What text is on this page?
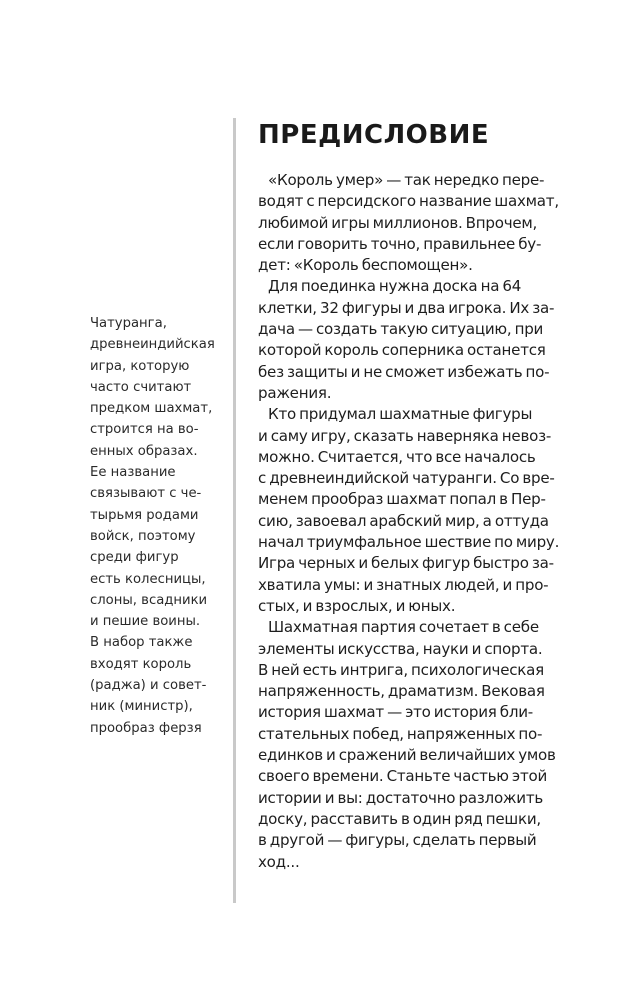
Чатуранга,
древнеиндийская
игра, которую
часто считают
предком шахмат,
строится на во-
енных образах.
Ее название
связывают с че-
тырьмя родами
войск, поэтому
среди фигур
есть колесницы,
слоны, всадники
и пешие воины.
В набор также
входят король
(раджа) и совет-
ник (министр),
прообраз ферзя
ПРЕДИСЛОВИЕ
«Король умер» — так нередко пере-
водят с персидского название шахмат,
любимой игры миллионов. Впрочем,
если говорить точно, правильнее бу-
дет: «Король беспомощен».
Для поединка нужна доска на 64
клетки, 32 фигуры и два игрока. Их за-
дача — создать такую ситуацию, при
которой король соперника останется
без защиты и не сможет избежать по-
ражения.
Кто придумал шахматные фигуры
и саму игру, сказать наверняка невоз-
можно. Считается, что все началось
с древнеиндийской чатуранги. Со вре-
менем прообраз шахмат попал в Пер-
сию, завоевал арабский мир, а оттуда
начал триумфальное шествие по миру.
Игра черных и белых фигур быстро за-
хватила умы: и знатных людей, и про-
стых, и взрослых, и юных.
Шахматная партия сочетает в себе
элементы искусства, науки и спорта.
В ней есть интрига, психологическая
напряженность, драматизм. Вековая
история шахмат — это история бли-
стательных побед, напряженных по-
единков и сражений величайших умов
своего времени. Станьте частью этой
истории и вы: достаточно разложить
доску, расставить в один ряд пешки,
в другой — фигуры, сделать первый
ход...
